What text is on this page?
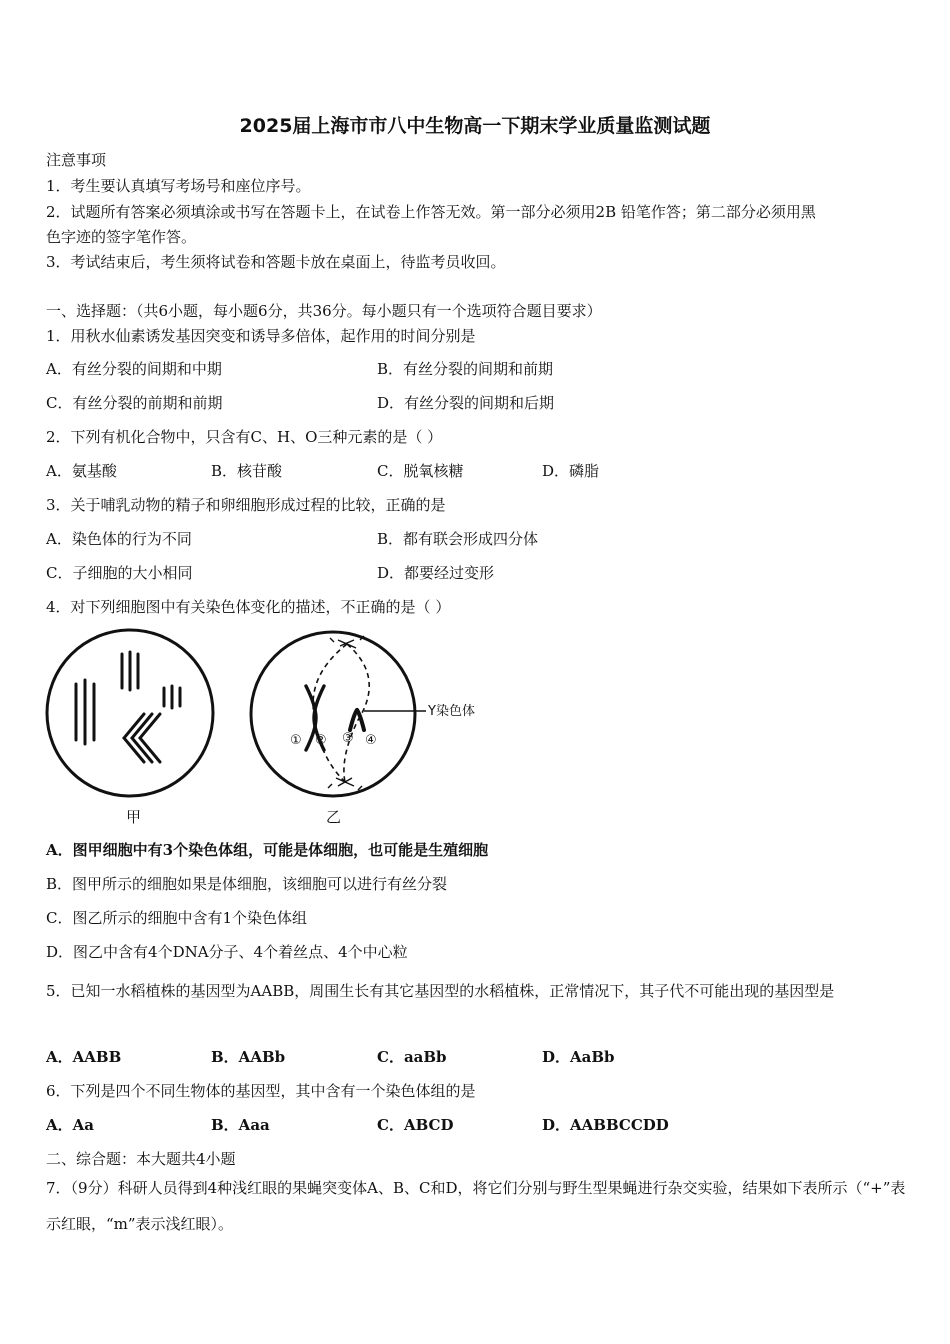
2025届上海市市八中生物高一下期末学业质量监测试题
注意事项
1．考生要认真填写考场号和座位序号。
2．试题所有答案必须填涂或书写在答题卡上，在试卷上作答无效。第一部分必须用2B 铅笔作答；第二部分必须用黑
色字迹的签字笔作答。
3．考试结束后，考生须将试卷和答题卡放在桌面上，待监考员收回。
一、选择题：（共6小题，每小题6分，共36分。每小题只有一个选项符合题目要求）
1．用秋水仙素诱发基因突变和诱导多倍体，起作用的时间分别是
A．有丝分裂的间期和中期	B．有丝分裂的间期和前期
C．有丝分裂的前期和前期	D．有丝分裂的间期和后期
2．下列有机化合物中，只含有C、H、O三种元素的是（ ）
A．氨基酸	B．核苷酸	C．脱氧核糖	D．磷脂
3．关于哺乳动物的精子和卵细胞形成过程的比较，正确的是
A．染色体的行为不同	B．都有联会形成四分体
C．子细胞的大小相同	D．都要经过变形
4．对下列细胞图中有关染色体变化的描述，不正确的是（ ）
甲
Y染色体
① ② ③ ④
乙
A．图甲细胞中有3个染色体组，可能是体细胞，也可能是生殖细胞
B．图甲所示的细胞如果是体细胞，该细胞可以进行有丝分裂
C．图乙所示的细胞中含有1个染色体组
D．图乙中含有4个DNA分子、4个着丝点、4个中心粒
5．已知一水稻植株的基因型为AABB，周围生长有其它基因型的水稻植株，正常情况下，其子代不可能出现的基因型是
A．AABB	B．AABb	C．aaBb	D．AaBb
6．下列是四个不同生物体的基因型，其中含有一个染色体组的是
A．Aa	B．Aaa	C．ABCD	D．AABBCCDD
二、综合题：本大题共4小题
7．（9分）科研人员得到4种浅红眼的果蝇突变体A、B、C和D，将它们分别与野生型果蝇进行杂交实验，结果如下表所示（“+”表示红眼，“m”表示浅红眼）。
